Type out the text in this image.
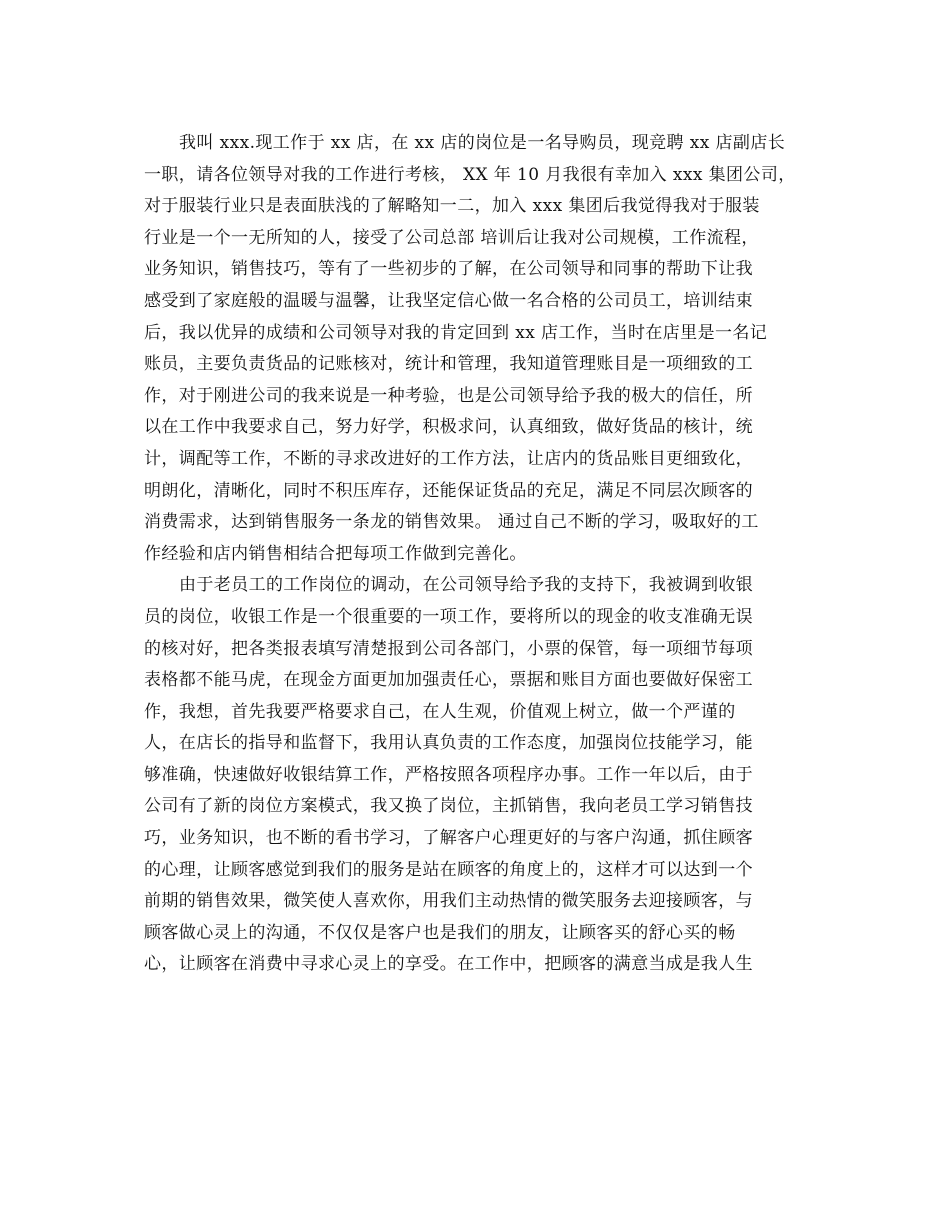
我叫 xxx.现工作于 xx 店，在 xx 店的岗位是一名导购员，现竞聘 xx 店副店长
一职，请各位领导对我的工作进行考核， XX 年 10 月我很有幸加入 xxx 集团公司，
对于服装行业只是表面肤浅的了解略知一二，加入 xxx 集团后我觉得我对于服装
行业是一个一无所知的人，接受了公司总部 培训后让我对公司规模，工作流程，
业务知识，销售技巧，等有了一些初步的了解，在公司领导和同事的帮助下让我
感受到了家庭般的温暖与温馨，让我坚定信心做一名合格的公司员工，培训结束
后，我以优异的成绩和公司领导对我的肯定回到 xx 店工作，当时在店里是一名记
账员，主要负责货品的记账核对，统计和管理，我知道管理账目是一项细致的工
作，对于刚进公司的我来说是一种考验，也是公司领导给予我的极大的信任，所
以在工作中我要求自己，努力好学，积极求问，认真细致，做好货品的核计，统
计，调配等工作，不断的寻求改进好的工作方法，让店内的货品账目更细致化，
明朗化，清晰化，同时不积压库存，还能保证货品的充足，满足不同层次顾客的
消费需求，达到销售服务一条龙的销售效果。 通过自己不断的学习，吸取好的工
作经验和店内销售相结合把每项工作做到完善化。
由于老员工的工作岗位的调动，在公司领导给予我的支持下，我被调到收银
员的岗位，收银工作是一个很重要的一项工作，要将所以的现金的收支准确无误
的核对好，把各类报表填写清楚报到公司各部门，小票的保管，每一项细节每项
表格都不能马虎，在现金方面更加加强责任心，票据和账目方面也要做好保密工
作，我想，首先我要严格要求自己，在人生观，价值观上树立，做一个严谨的
人，在店长的指导和监督下，我用认真负责的工作态度，加强岗位技能学习，能
够准确，快速做好收银结算工作，严格按照各项程序办事。工作一年以后，由于
公司有了新的岗位方案模式，我又换了岗位，主抓销售，我向老员工学习销售技
巧，业务知识，也不断的看书学习，了解客户心理更好的与客户沟通，抓住顾客
的心理，让顾客感觉到我们的服务是站在顾客的角度上的，这样才可以达到一个
前期的销售效果，微笑使人喜欢你，用我们主动热情的微笑服务去迎接顾客，与
顾客做心灵上的沟通，不仅仅是客户也是我们的朋友，让顾客买的舒心买的畅
心，让顾客在消费中寻求心灵上的享受。在工作中，把顾客的满意当成是我人生
